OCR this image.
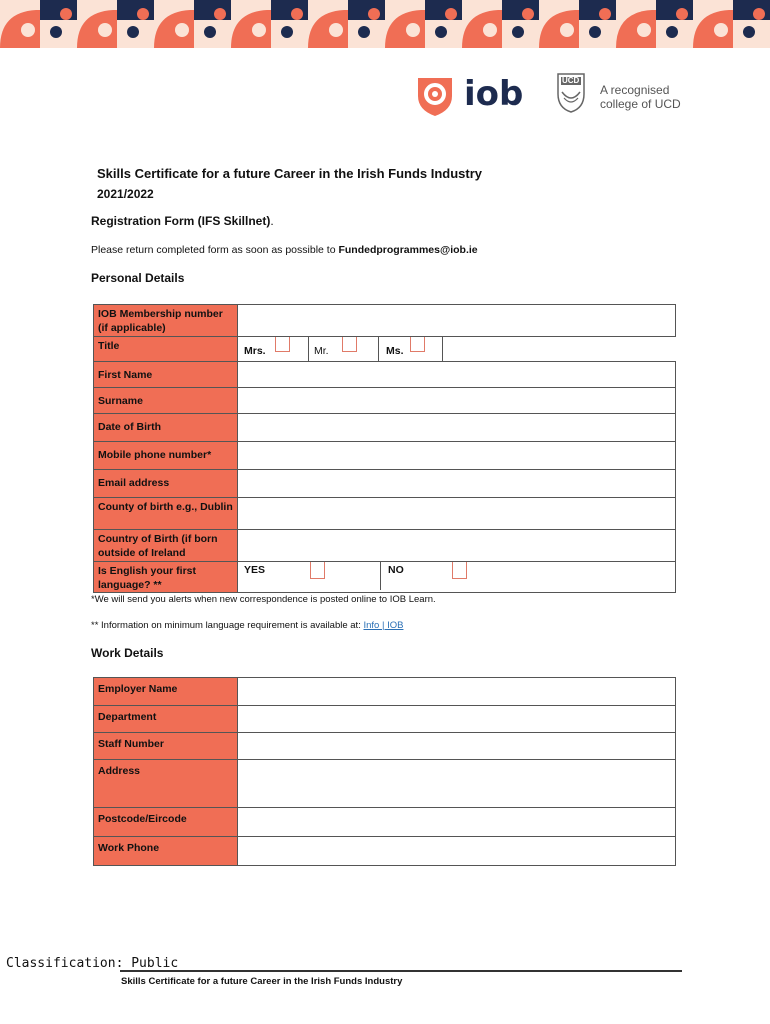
iob	UCD
A recognised
college of UCD
Skills Certificate for a future Career in the Irish Funds Industry
2021/2022
Registration Form (IFS Skillnet).
Please return completed form as soon as possible to Fundedprogrammes@iob.ie
Personal Details
IOB Membership number (if applicable)	
Title	Mrs. Mr. Ms.

First Name	
Surname	
Date of Birth	
Mobile phone number*	
Email address	
County of birth e.g., Dublin	
Country of Birth (if born outside of Ireland	
Is English your first language? **	YES NO
*We will send you alerts when new correspondence is posted online to IOB Learn.
** Information on minimum language requirement is available at: Info | IOB
Work Details
Employer Name	
Department	
Staff Number	
Address	
Postcode/Eircode	
Work Phone	
Classification: Public
Skills Certificate for a future Career in the Irish Funds Industry
